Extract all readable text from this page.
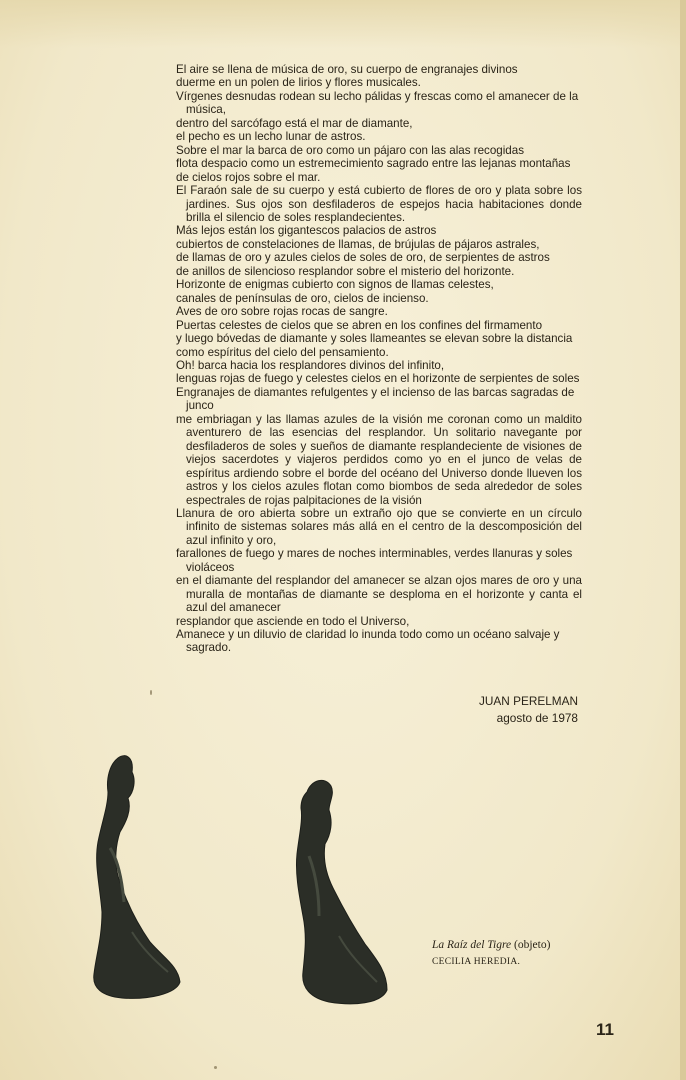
El aire se llena de música de oro, su cuerpo de engranajes divinos

duerme en un polen de lirios y flores musicales.

Vírgenes desnudas rodean su lecho pálidas y frescas como el amanecer de la música,

dentro del sarcófago está el mar de diamante,

el pecho es un lecho lunar de astros.

Sobre el mar la barca de oro como un pájaro con las alas recogidas

flota despacio como un estremecimiento sagrado entre las lejanas montañas

de cielos rojos sobre el mar.

El Faraón sale de su cuerpo y está cubierto de flores de oro y plata sobre los jardines. Sus ojos son desfiladeros de espejos hacia habitaciones donde brilla el silencio de soles resplandecientes.

Más lejos están los gigantescos palacios de astros

cubiertos de constelaciones de llamas, de brújulas de pájaros astrales,

de llamas de oro y azules cielos de soles de oro, de serpientes de astros

de anillos de silencioso resplandor sobre el misterio del horizonte.

Horizonte de enigmas cubierto con signos de llamas celestes,

canales de penínsulas de oro, cielos de incienso.

Aves de oro sobre rojas rocas de sangre.

Puertas celestes de cielos que se abren en los confines del firmamento

y luego bóvedas de diamante y soles llameantes se elevan sobre la distancia

como espíritus del cielo del pensamiento.

Oh! barca hacia los resplandores divinos del infinito,

lenguas rojas de fuego y celestes cielos en el horizonte de serpientes de soles

Engranajes de diamantes refulgentes y el incienso de las barcas sagradas de junco

me embriagan y las llamas azules de la visión me coronan como un maldito aventurero de las esencias del resplandor. Un solitario navegante por desfiladeros de soles y sueños de diamante resplandeciente de visiones de viejos sacerdotes y viajeros perdidos como yo en el junco de velas de espíritus ardiendo sobre el borde del océano del Universo donde llueven los astros y los cielos azules flotan como biombos de seda alrededor de soles espectrales de rojas palpitaciones de la visión

Llanura de oro abierta sobre un extraño ojo que se convierte en un círculo infinito de sistemas solares más allá en el centro de la descomposición del azul infinito y oro,

farallones de fuego y mares de noches interminables, verdes llanuras y soles violáceos

en el diamante del resplandor del amanecer se alzan ojos mares de oro y una muralla de montañas de diamante se desploma en el horizonte y canta el azul del amanecer

resplandor que asciende en todo el Universo,

Amanece y un diluvio de claridad lo inunda todo como un océano salvaje y sagrado.

JUAN PERELMAN
agosto de 1978
La Raíz del Tigre (objeto)
CECILIA HEREDIA.
11
